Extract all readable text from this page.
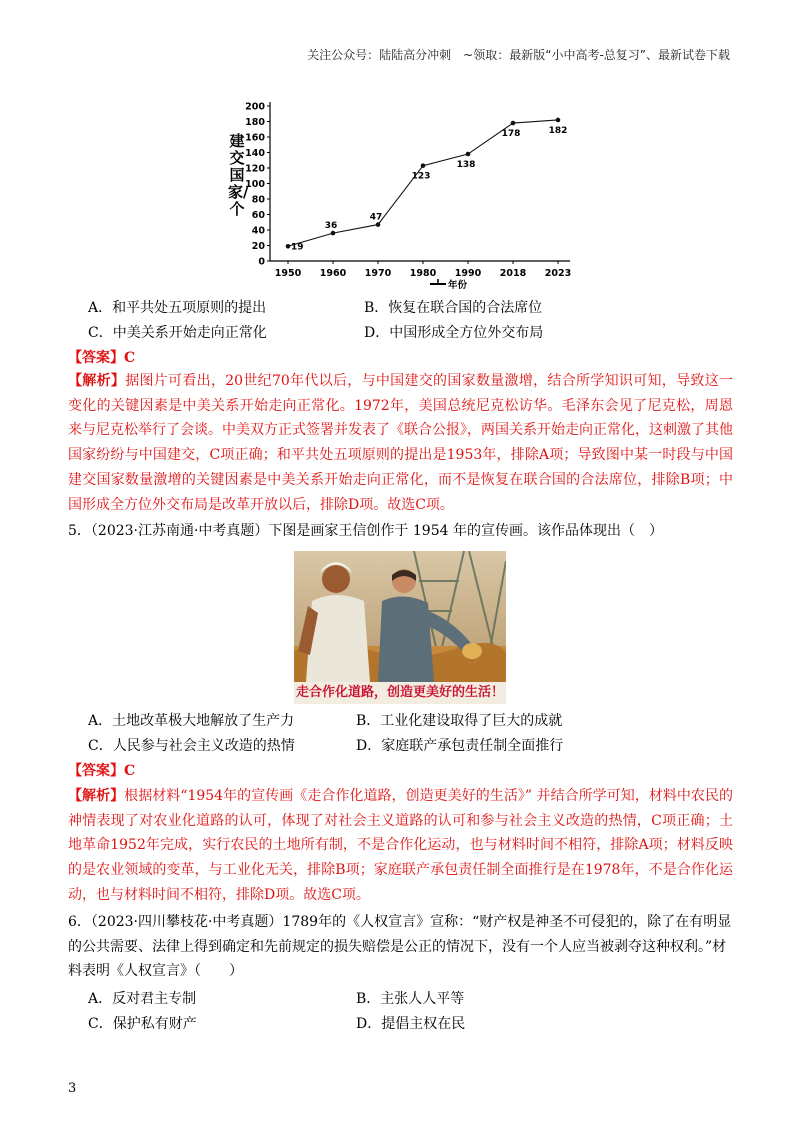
关注公众号：陆陆高分冲刺　~领取：最新版“小中高考-总复习”、最新试卷下载
建交国家/个
0
20
40
60
80
100
120
140
160
180
200
1950 1960 1970 1980 1990 2018 2023
19
36
47
123
138
178	182
年份
A．和平共处五项原则的提出	B．恢复在联合国的合法席位
C．中美关系开始走向正常化	D．中国形成全方位外交布局
【答案】C
【解析】据图片可看出，20世纪70年代以后，与中国建交的国家数量激增，结合所学知识可知，导致这一变化的关键因素是中美关系开始走向正常化。1972年，美国总统尼克松访华。毛泽东会见了尼克松，周恩来与尼克松举行了会谈。中美双方正式签署并发表了《联合公报》，两国关系开始走向正常化，这刺激了其他国家纷纷与中国建交，C项正确；和平共处五项原则的提出是1953年，排除A项；导致图中某一时段与中国建交国家数量激增的关键因素是中美关系开始走向正常化，而不是恢复在联合国的合法席位，排除B项；中国形成全方位外交布局是改革开放以后，排除D项。故选C项。
5．（2023·江苏南通·中考真题）下图是画家王信创作于 1954 年的宣传画。该作品体现出（　）
走合作化道路，创造更美好的生活！
A．土地改革极大地解放了生产力	B．工业化建设取得了巨大的成就
C．人民参与社会主义改造的热情	D．家庭联产承包责任制全面推行
【答案】C
【解析】根据材料“1954年的宣传画《走合作化道路，创造更美好的生活》” 并结合所学可知，材料中农民的神情表现了对农业化道路的认可，体现了对社会主义道路的认可和参与社会主义改造的热情，C项正确；土地革命1952年完成，实行农民的土地所有制，不是合作化运动，也与材料时间不相符，排除A项；材料反映的是农业领域的变革，与工业化无关，排除B项；家庭联产承包责任制全面推行是在1978年，不是合作化运动，也与材料时间不相符，排除D项。故选C项。
6．（2023·四川攀枝花·中考真题）1789年的《人权宣言》宣称：“财产权是神圣不可侵犯的，除了在有明显的公共需要、法律上得到确定和先前规定的损失赔偿是公正的情况下，没有一个人应当被剥夺这种权利。”材料表明《人权宣言》（　　）
A．反对君主专制	B．主张人人平等
C．保护私有财产	D．提倡主权在民
3
